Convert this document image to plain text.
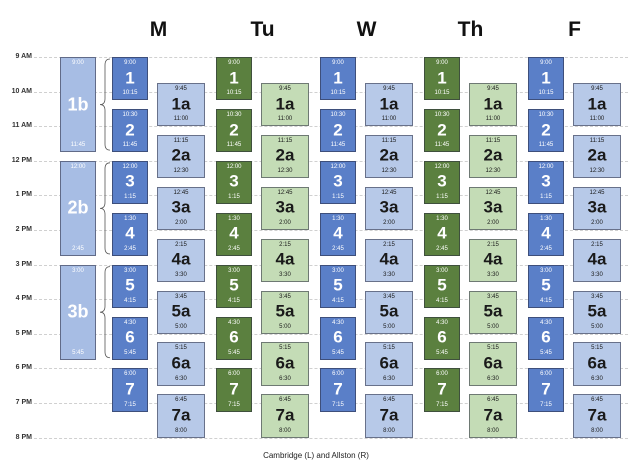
9 AM
10 AM
11 AM
12 PM
1 PM
2 PM
3 PM
4 PM
5 PM
6 PM
7 PM
8 PM
M
9:00
1
10:15
10:30
2
11:45
12:00
3
1:15
1:30
4
2:45
3:00
5
4:15
4:30
6
5:45
6:00
7
7:15
9:45
1a
11:00
11:15
2a
12:30
12:45
3a
2:00
2:15
4a
3:30
3:45
5a
5:00
5:15
6a
6:30
6:45
7a
8:00
Tu
9:00
1
10:15
10:30
2
11:45
12:00
3
1:15
1:30
4
2:45
3:00
5
4:15
4:30
6
5:45
6:00
7
7:15
9:45
1a
11:00
11:15
2a
12:30
12:45
3a
2:00
2:15
4a
3:30
3:45
5a
5:00
5:15
6a
6:30
6:45
7a
8:00
W
9:00
1
10:15
10:30
2
11:45
12:00
3
1:15
1:30
4
2:45
3:00
5
4:15
4:30
6
5:45
6:00
7
7:15
9:45
1a
11:00
11:15
2a
12:30
12:45
3a
2:00
2:15
4a
3:30
3:45
5a
5:00
5:15
6a
6:30
6:45
7a
8:00
Th
9:00
1
10:15
10:30
2
11:45
12:00
3
1:15
1:30
4
2:45
3:00
5
4:15
4:30
6
5:45
6:00
7
7:15
9:45
1a
11:00
11:15
2a
12:30
12:45
3a
2:00
2:15
4a
3:30
3:45
5a
5:00
5:15
6a
6:30
6:45
7a
8:00
F
9:00
1
10:15
10:30
2
11:45
12:00
3
1:15
1:30
4
2:45
3:00
5
4:15
4:30
6
5:45
6:00
7
7:15
9:45
1a
11:00
11:15
2a
12:30
12:45
3a
2:00
2:15
4a
3:30
3:45
5a
5:00
5:15
6a
6:30
6:45
7a
8:00
9:00
1b
11:45
12:00
2b
2:45
3:00
3b
5:45
Cambridge (L) and Allston (R)
